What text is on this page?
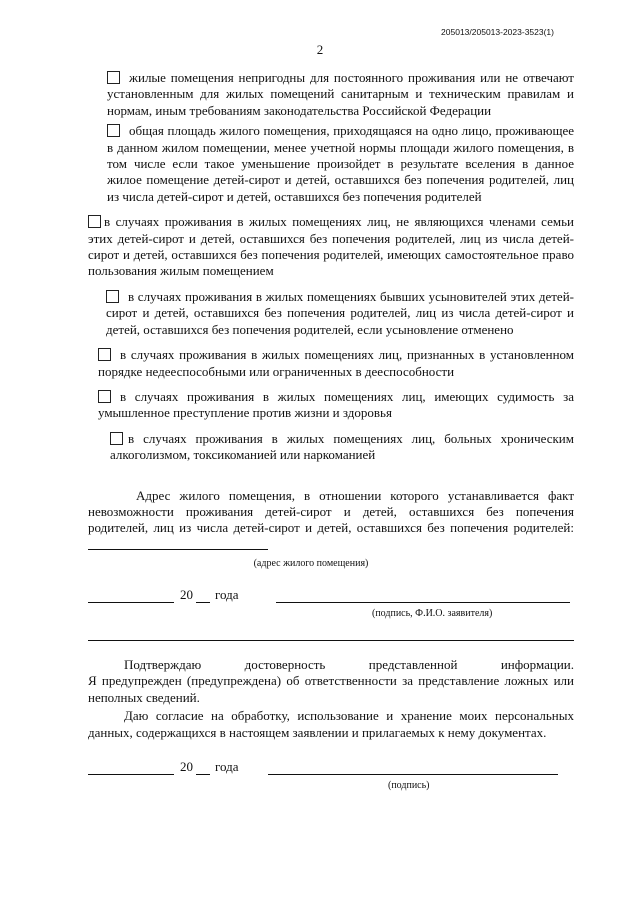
205013/205013-2023-3523(1)
2

жилые помещения непригодны для постоянного проживания или не отвечают установленным для жилых помещений санитарным и техническим правилам и нормам, иным требованиям законодательства Российской Федерации

общая площадь жилого помещения, приходящаяся на одно лицо, проживающее в данном жилом помещении, менее учетной нормы площади жилого помещения, в том числе если такое уменьшение произойдет в результате вселения в данное жилое помещение детей-сирот и детей, оставшихся без попечения родителей, лиц из числа детей-сирот и детей, оставшихся без попечения родителей

в случаях проживания в жилых помещениях лиц, не являющихся членами семьи этих детей-сирот и детей, оставшихся без попечения родителей, лиц из числа детей-сирот и детей, оставшихся без попечения родителей, имеющих самостоятельное право пользования жилым помещением

в случаях проживания в жилых помещениях бывших усыновителей этих детей-сирот и детей, оставшихся без попечения родителей, лиц из числа детей-сирот и детей, оставшихся без попечения родителей, если усыновление отменено

в случаях проживания в жилых помещениях лиц, признанных в установленном порядке недееспособными или ограниченных в дееспособности

в случаях проживания в жилых помещениях лиц, имеющих судимость за умышленное преступление против жизни и здоровья

в случаях проживания в жилых помещениях лиц, больных хроническим алкоголизмом, токсикоманией или наркоманией

Адрес жилого помещения, в отношении которого устанавливается факт невозможности проживания детей-сирот и детей, оставшихся без попечения родителей, лиц из числа детей-сирот и детей, оставшихся без попечения родителей:

(адрес жилого помещения)

20 года
(подпись, Ф.И.О. заявителя)

Подтверждаю	достоверность	представленной	информации.
Я предупрежден (предупреждена) об ответственности за представление ложных или неполных сведений.

Даю согласие на обработку, использование и хранение моих персональных данных, содержащихся в настоящем заявлении и прилагаемых к нему документах.

20 года
(подпись)
